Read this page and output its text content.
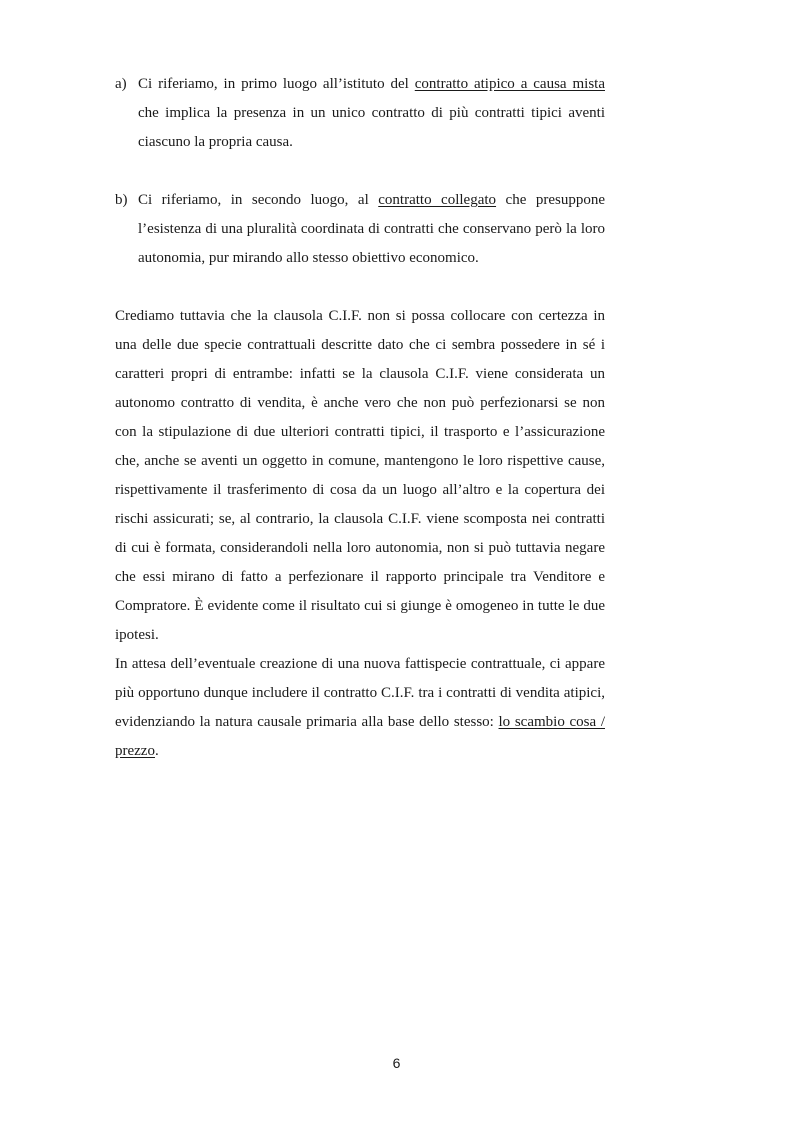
a) Ci riferiamo, in primo luogo all’istituto del contratto atipico a causa mista che implica la presenza in un unico contratto di più contratti tipici aventi ciascuno la propria causa.
b) Ci riferiamo, in secondo luogo, al contratto collegato che presuppone l’esistenza di una pluralità coordinata di contratti che conservano però la loro autonomia, pur mirando allo stesso obiettivo economico.

Crediamo tuttavia che la clausola C.I.F. non si possa collocare con certezza in una delle due specie contrattuali descritte dato che ci sembra possedere in sé i caratteri propri di entrambe: infatti se la clausola C.I.F. viene considerata un autonomo contratto di vendita, è anche vero che non può perfezionarsi se non con la stipulazione di due ulteriori contratti tipici, il trasporto e l’assicurazione che, anche se aventi un oggetto in comune, mantengono le loro rispettive cause, rispettivamente il trasferimento di cosa da un luogo all’altro e la copertura dei rischi assicurati; se, al contrario, la clausola C.I.F. viene scomposta nei contratti di cui è formata, considerandoli nella loro autonomia, non si può tuttavia negare che essi mirano di fatto a perfezionare il rapporto principale tra Venditore e Compratore. È evidente come il risultato cui si giunge è omogeneo in tutte le due ipotesi.

In attesa dell’eventuale creazione di una nuova fattispecie contrattuale, ci appare più opportuno dunque includere il contratto C.I.F. tra i contratti di vendita atipici, evidenziando la natura causale primaria alla base dello stesso: lo scambio cosa / prezzo.

6
